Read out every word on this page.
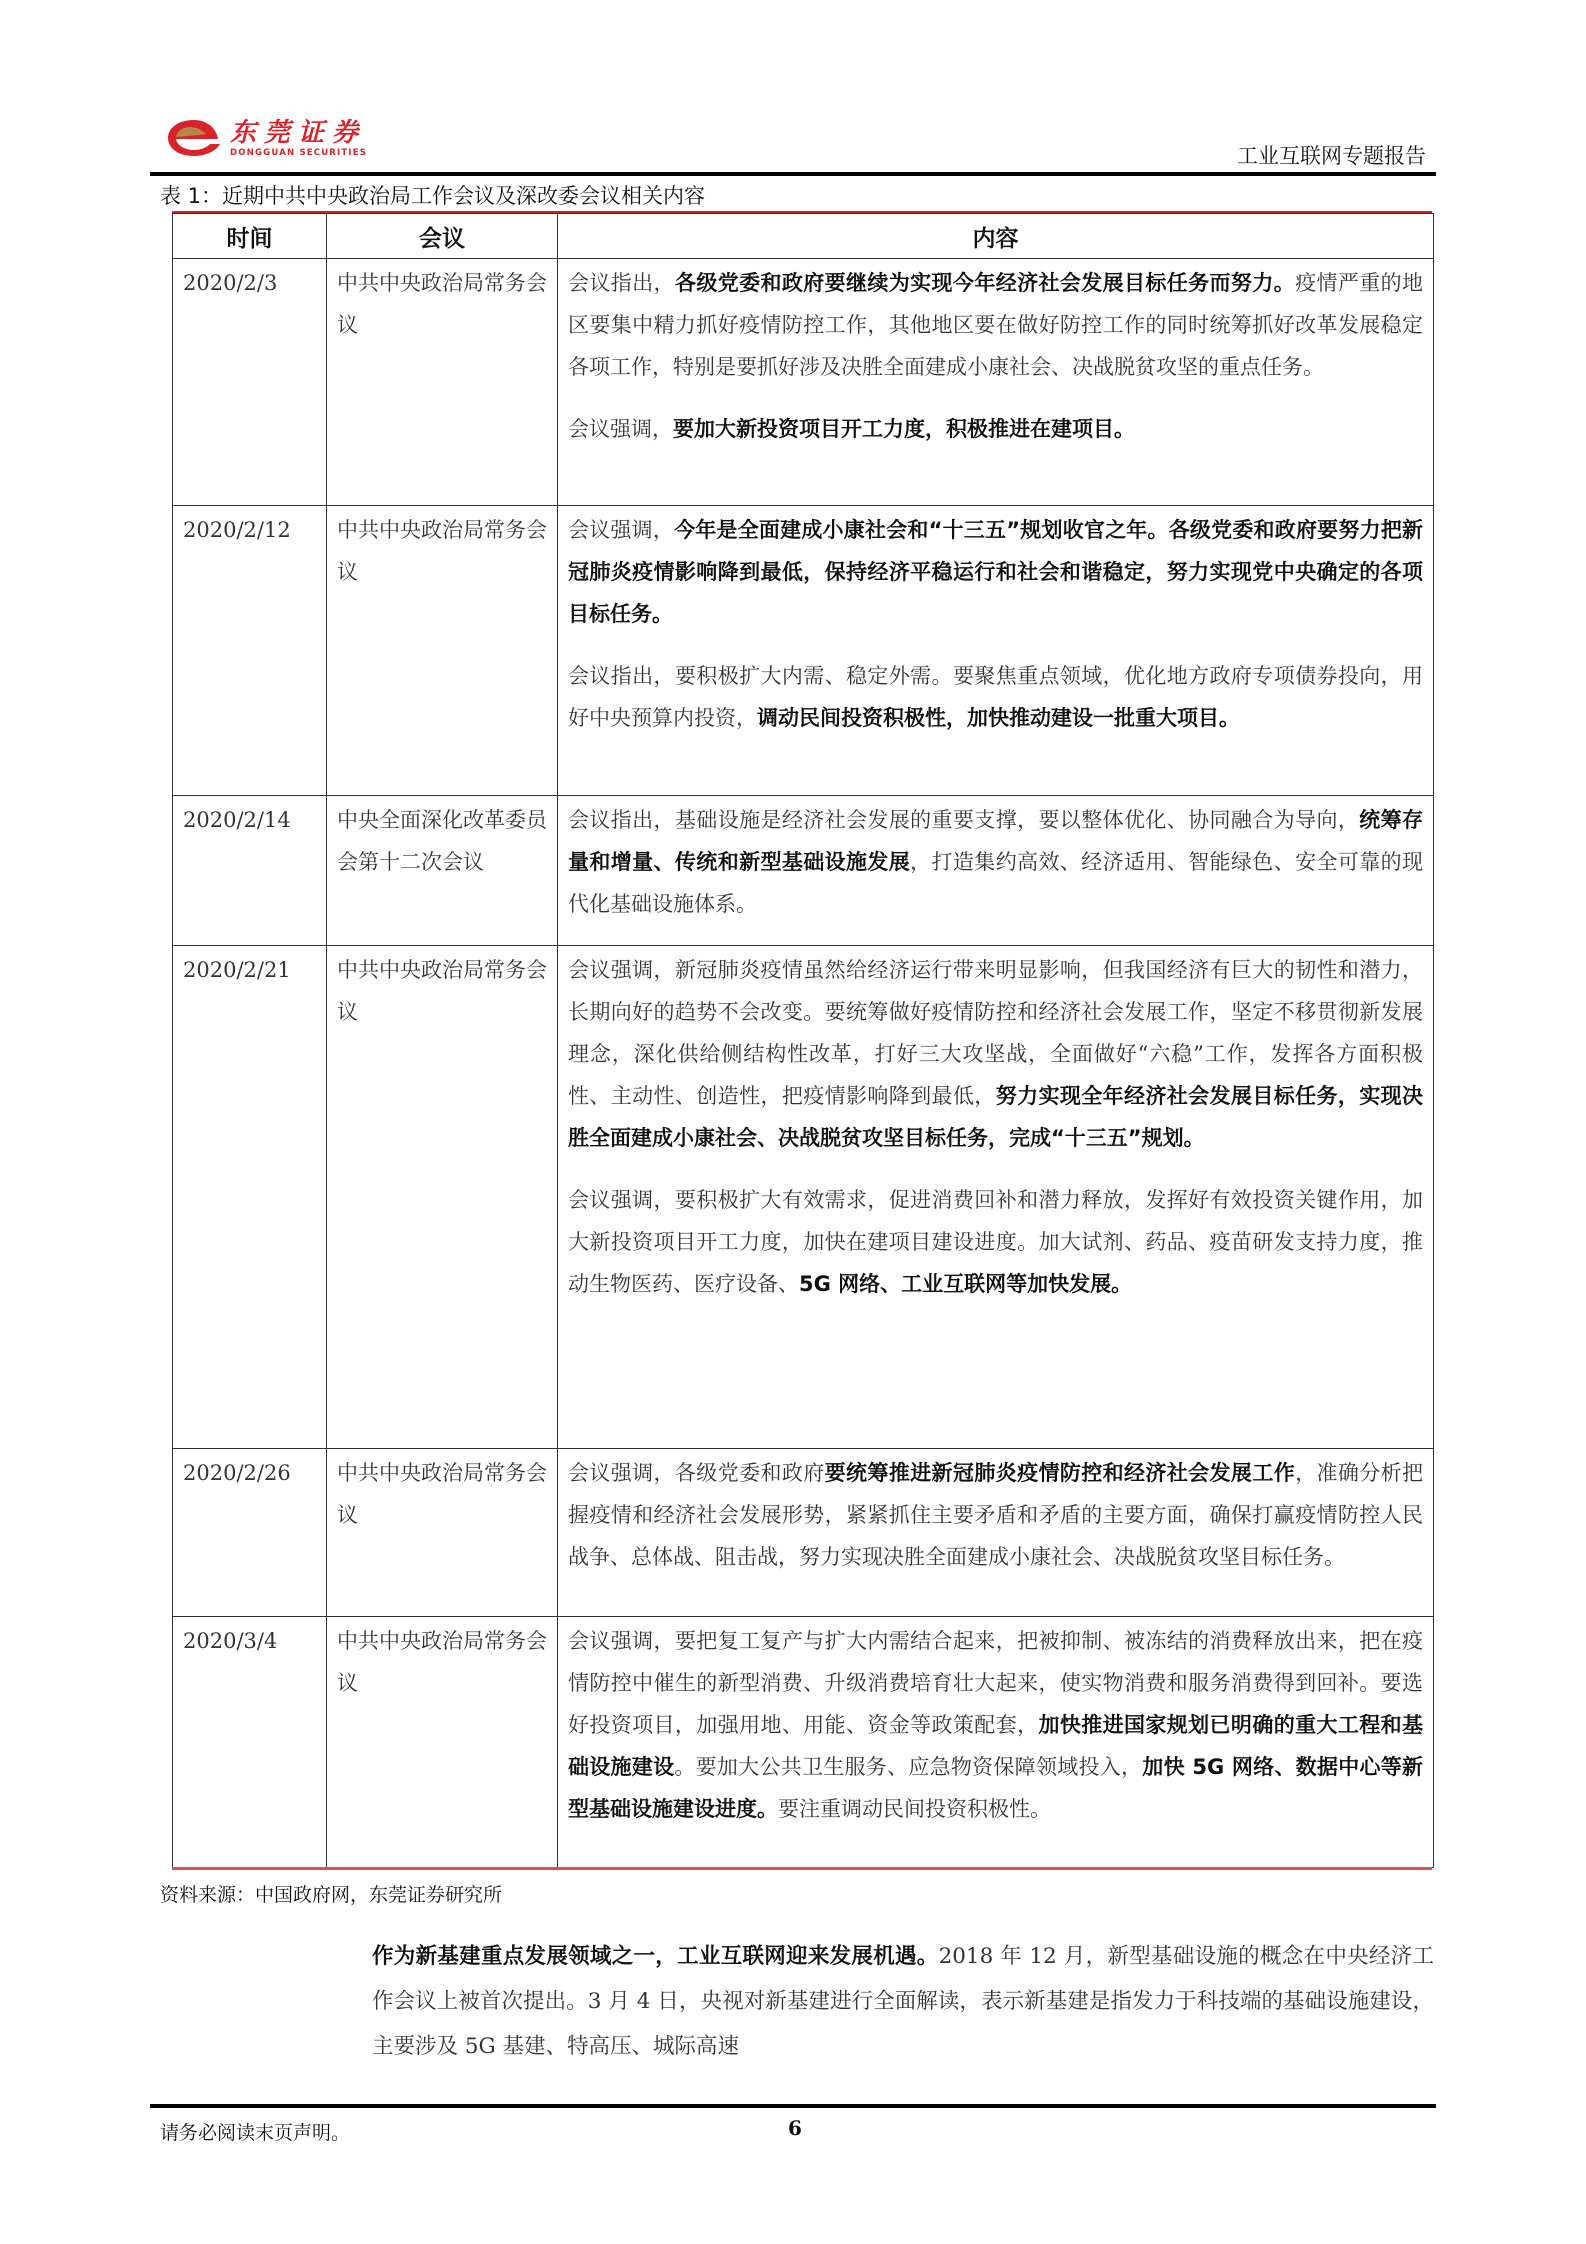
东莞证券
DONGGUAN SECURITIES	工业互联网专题报告
表 1：近期中共中央政治局工作会议及深改委会议相关内容
时间	会议	内容
2020/2/3	中共中央政治局常务会议	会议指出，各级党委和政府要继续为实现今年经济社会发展目标任务而努力。疫情严重的地区要集中精力抓好疫情防控工作，其他地区要在做好防控工作的同时统筹抓好改革发展稳定各项工作，特别是要抓好涉及决胜全面建成小康社会、决战脱贫攻坚的重点任务。

会议强调，要加大新投资项目开工力度，积极推进在建项目。

2020/2/12	中共中央政治局常务会议	会议强调，今年是全面建成小康社会和“十三五”规划收官之年。各级党委和政府要努力把新冠肺炎疫情影响降到最低，保持经济平稳运行和社会和谐稳定，努力实现党中央确定的各项目标任务。

会议指出，要积极扩大内需、稳定外需。要聚焦重点领域，优化地方政府专项债券投向，用好中央预算内投资，调动民间投资积极性，加快推动建设一批重大项目。

2020/2/14	中央全面深化改革委员会第十二次会议	会议指出，基础设施是经济社会发展的重要支撑，要以整体优化、协同融合为导向，统筹存量和增量、传统和新型基础设施发展，打造集约高效、经济适用、智能绿色、安全可靠的现代化基础设施体系。

2020/2/21	中共中央政治局常务会议	会议强调，新冠肺炎疫情虽然给经济运行带来明显影响，但我国经济有巨大的韧性和潜力，长期向好的趋势不会改变。要统筹做好疫情防控和经济社会发展工作，坚定不移贯彻新发展理念，深化供给侧结构性改革，打好三大攻坚战，全面做好“六稳”工作，发挥各方面积极性、主动性、创造性，把疫情影响降到最低，努力实现全年经济社会发展目标任务，实现决胜全面建成小康社会、决战脱贫攻坚目标任务，完成“十三五”规划。

会议强调，要积极扩大有效需求，促进消费回补和潜力释放，发挥好有效投资关键作用，加大新投资项目开工力度，加快在建项目建设进度。加大试剂、药品、疫苗研发支持力度，推动生物医药、医疗设备、5G 网络、工业互联网等加快发展。

2020/2/26	中共中央政治局常务会议	会议强调，各级党委和政府要统筹推进新冠肺炎疫情防控和经济社会发展工作，准确分析把握疫情和经济社会发展形势，紧紧抓住主要矛盾和矛盾的主要方面，确保打赢疫情防控人民战争、总体战、阻击战，努力实现决胜全面建成小康社会、决战脱贫攻坚目标任务。

2020/3/4	中共中央政治局常务会议	会议强调，要把复工复产与扩大内需结合起来，把被抑制、被冻结的消费释放出来，把在疫情防控中催生的新型消费、升级消费培育壮大起来，使实物消费和服务消费得到回补。要选好投资项目，加强用地、用能、资金等政策配套，加快推进国家规划已明确的重大工程和基础设施建设。要加大公共卫生服务、应急物资保障领域投入，加快 5G 网络、数据中心等新型基础设施建设进度。要注重调动民间投资积极性。

资料来源：中国政府网，东莞证券研究所
作为新基建重点发展领域之一，工业互联网迎来发展机遇。2018 年 12 月，新型基础设施的概念在中央经济工作会议上被首次提出。3 月 4 日，央视对新基建进行全面解读，表示新基建是指发力于科技端的基础设施建设，主要涉及 5G 基建、特高压、城际高速
请务必阅读末页声明。	6
